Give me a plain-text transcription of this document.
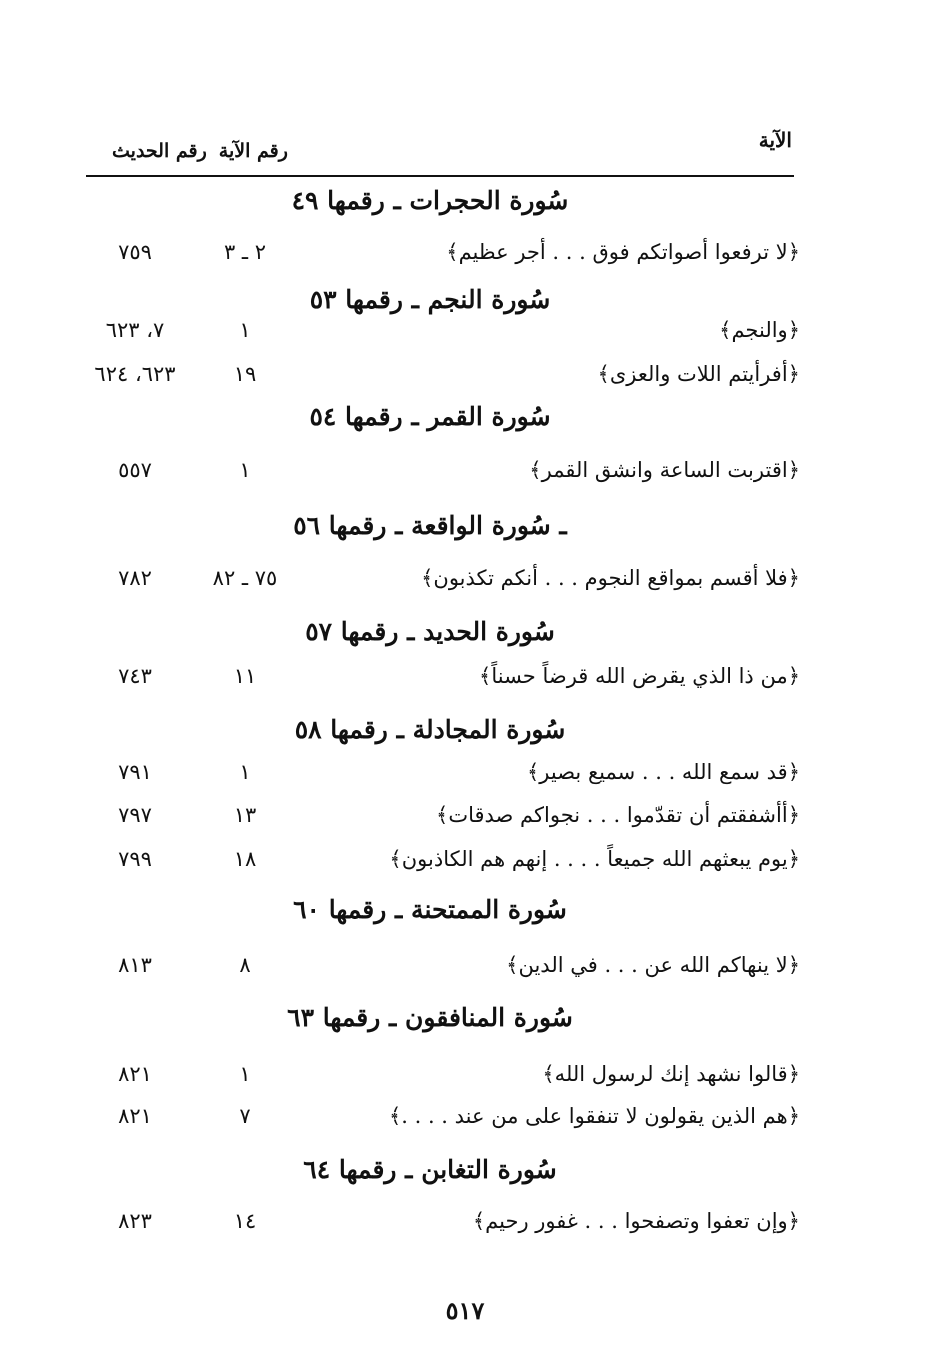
الآية
رقم الآيةرقم الحديث
سُورة الحجرات ـ رقمها ٤٩
﴿لا ترفعوا أصواتكم فوق . . . أجر عظيم﴾
٢ ـ ٣
٧٥٩
سُورة النجم ـ رقمها ٥٣
﴿والنجم﴾
١
٧، ٦٢٣
﴿أفرأيتم اللات والعزى﴾
١٩
٦٢٣، ٦٢٤
سُورة القمر ـ رقمها ٥٤
﴿اقتربت الساعة وانشق القمر﴾
١
٥٥٧
ـ سُورة الواقعة ـ رقمها ٥٦
﴿فلا أقسم بمواقع النجوم . . . أنكم تكذبون﴾
٧٥ ـ ٨٢
٧٨٢
سُورة الحديد ـ رقمها ٥٧
﴿من ذا الذي يقرض الله قرضاً حسناً﴾
١١
٧٤٣
سُورة المجادلة ـ رقمها ٥٨
﴿قد سمع الله . . . سميع بصير﴾
١
٧٩١
﴿أأشفقتم أن تقدّموا . . . نجواكم صدقات﴾
١٣
٧٩٧
﴿يوم يبعثهم الله جميعاً . . . . إنهم هم الكاذبون﴾
١٨
٧٩٩
سُورة الممتحنة ـ رقمها ٦٠
﴿لا ينهاكم الله عن . . . في الدين﴾
٨
٨١٣
سُورة المنافقون ـ رقمها ٦٣
﴿قالوا نشهد إنك لرسول الله﴾
١
٨٢١
﴿هم الذين يقولون لا تنفقوا على من عند . . . .﴾
٧
٨٢١
سُورة التغابن ـ رقمها ٦٤
﴿وإن تعفوا وتصفحوا . . . غفور رحيم﴾
١٤
٨٢٣
٥١٧
